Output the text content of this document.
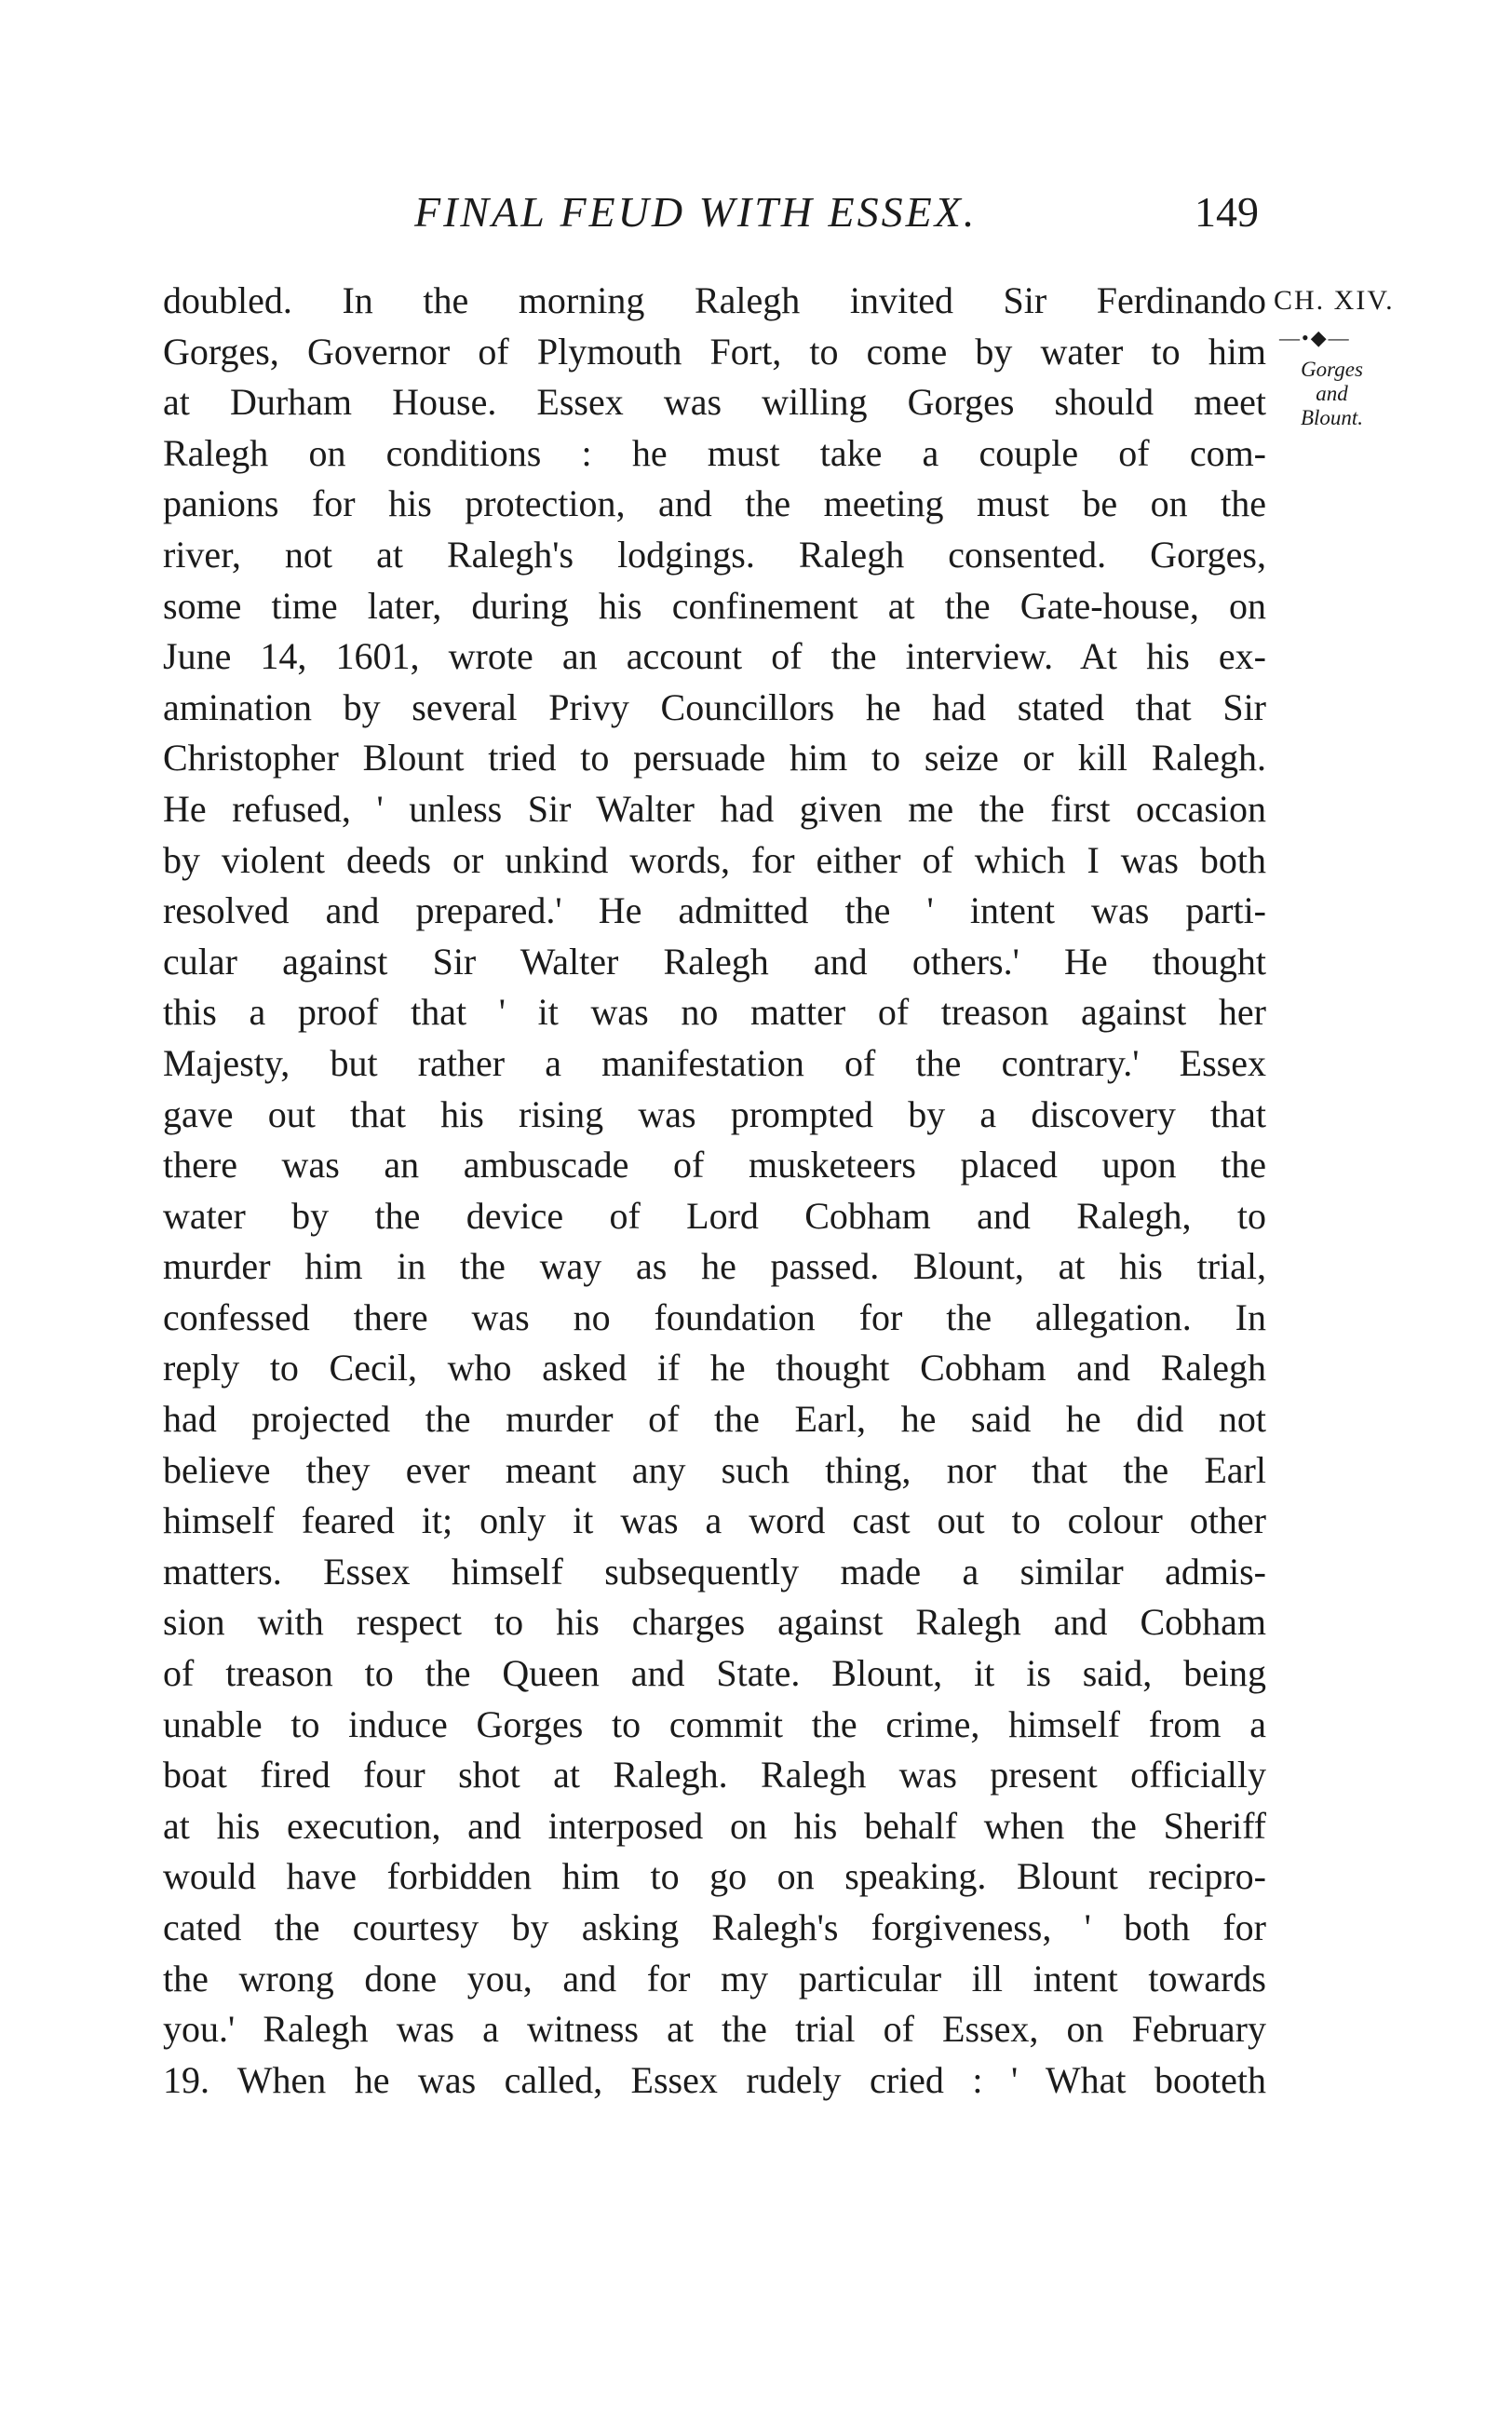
FINAL FEUD WITH ESSEX.	149
doubled. In the morning Ralegh invited Sir Ferdinando
Gorges, Governor of Plymouth Fort, to come by water to him
at Durham House. Essex was willing Gorges should meet
Ralegh on conditions : he must take a couple of com-
panions for his protection, and the meeting must be on the
river, not at Ralegh's lodgings. Ralegh consented. Gorges,
some time later, during his confinement at the Gate-house, on
June 14, 1601, wrote an account of the interview. At his ex-
amination by several Privy Councillors he had stated that Sir
Christopher Blount tried to persuade him to seize or kill Ralegh.
He refused, ' unless Sir Walter had given me the first occasion
by violent deeds or unkind words, for either of which I was both
resolved and prepared.' He admitted the ' intent was parti-
cular against Sir Walter Ralegh and others.' He thought
this a proof that ' it was no matter of treason against her
Majesty, but rather a manifestation of the contrary.' Essex
gave out that his rising was prompted by a discovery that
there was an ambuscade of musketeers placed upon the
water by the device of Lord Cobham and Ralegh, to
murder him in the way as he passed. Blount, at his trial,
confessed there was no foundation for the allegation. In
reply to Cecil, who asked if he thought Cobham and Ralegh
had projected the murder of the Earl, he said he did not
believe they ever meant any such thing, nor that the Earl
himself feared it; only it was a word cast out to colour other
matters. Essex himself subsequently made a similar admis-
sion with respect to his charges against Ralegh and Cobham
of treason to the Queen and State. Blount, it is said, being
unable to induce Gorges to commit the crime, himself from a
boat fired four shot at Ralegh. Ralegh was present officially
at his execution, and interposed on his behalf when the Sheriff
would have forbidden him to go on speaking. Blount recipro-
cated the courtesy by asking Ralegh's forgiveness, ' both for
the wrong done you, and for my particular ill intent towards
you.' Ralegh was a witness at the trial of Essex, on February
19. When he was called, Essex rudely cried : ' What booteth
CH. XIV.
—•◆—
Gorges and
Blount.
